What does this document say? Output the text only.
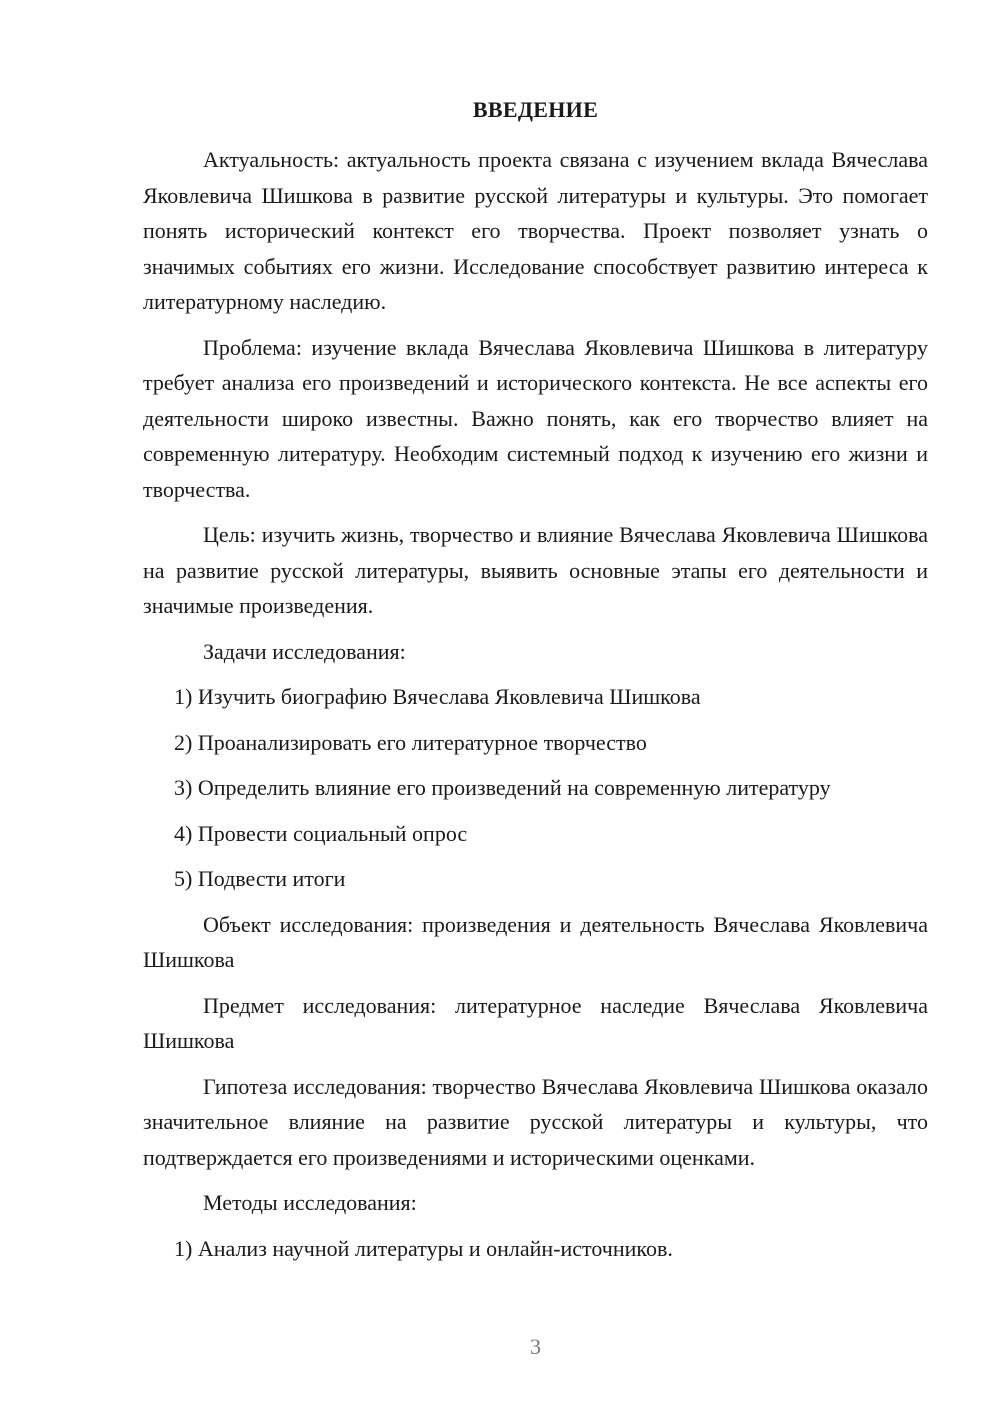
ВВЕДЕНИЕ

Актуальность: актуальность проекта связана с изучением вклада Вячеслава Яковлевича Шишкова в развитие русской литературы и культуры. Это помогает понять исторический контекст его творчества. Проект позволяет узнать о значимых событиях его жизни. Исследование способствует развитию интереса к литературному наследию.

Проблема: изучение вклада Вячеслава Яковлевича Шишкова в литературу требует анализа его произведений и исторического контекста. Не все аспекты его деятельности широко известны. Важно понять, как его творчество влияет на современную литературу. Необходим системный подход к изучению его жизни и творчества.

Цель: изучить жизнь, творчество и влияние Вячеслава Яковлевича Шишкова на развитие русской литературы, выявить основные этапы его деятельности и значимые произведения.

Задачи исследования:

1) Изучить биографию Вячеслава Яковлевича Шишкова
2) Проанализировать его литературное творчество
3) Определить влияние его произведений на современную литературу
4) Провести социальный опрос
5) Подвести итоги

Объект исследования: произведения и деятельность Вячеслава Яковлевича Шишкова

Предмет исследования: литературное наследие Вячеслава Яковлевича Шишкова

Гипотеза исследования: творчество Вячеслава Яковлевича Шишкова оказало значительное влияние на развитие русской литературы и культуры, что подтверждается его произведениями и историческими оценками.

Методы исследования:

1) Анализ научной литературы и онлайн-источников.
3
